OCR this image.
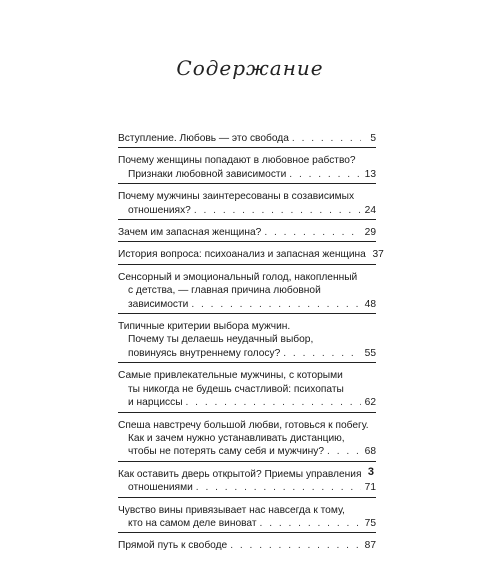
Содержание
Вступление. Любовь — это свобода . . .	5
Почему женщины попадают в любовное рабство?
Признаки любовной зависимости . . .	13
Почему мужчины заинтересованы в созависимых
отношениях? . . .	24
Зачем им запасная женщина? . . .	29
История вопроса: психоанализ и запасная женщина 37
Сенсорный и эмоциональный голод, накопленный
с детства, — главная причина любовной
зависимости . . .	48
Типичные критерии выбора мужчин.
Почему ты делаешь неудачный выбор,
повинуясь внутреннему голосу? . . .	55
Самые привлекательные мужчины, с которыми
ты никогда не будешь счастливой: психопаты
и нарциссы . . .	62
Спеша навстречу большой любви, готовься к побегу.
Как и зачем нужно устанавливать дистанцию,
чтобы не потерять саму себя и мужчину? . . .	68
Как оставить дверь открытой? Приемы управления
отношениями . . .	71
Чувство вины привязывает нас навсегда к тому,
кто на самом деле виноват . . .	75
Прямой путь к свободе . . .	87
3
